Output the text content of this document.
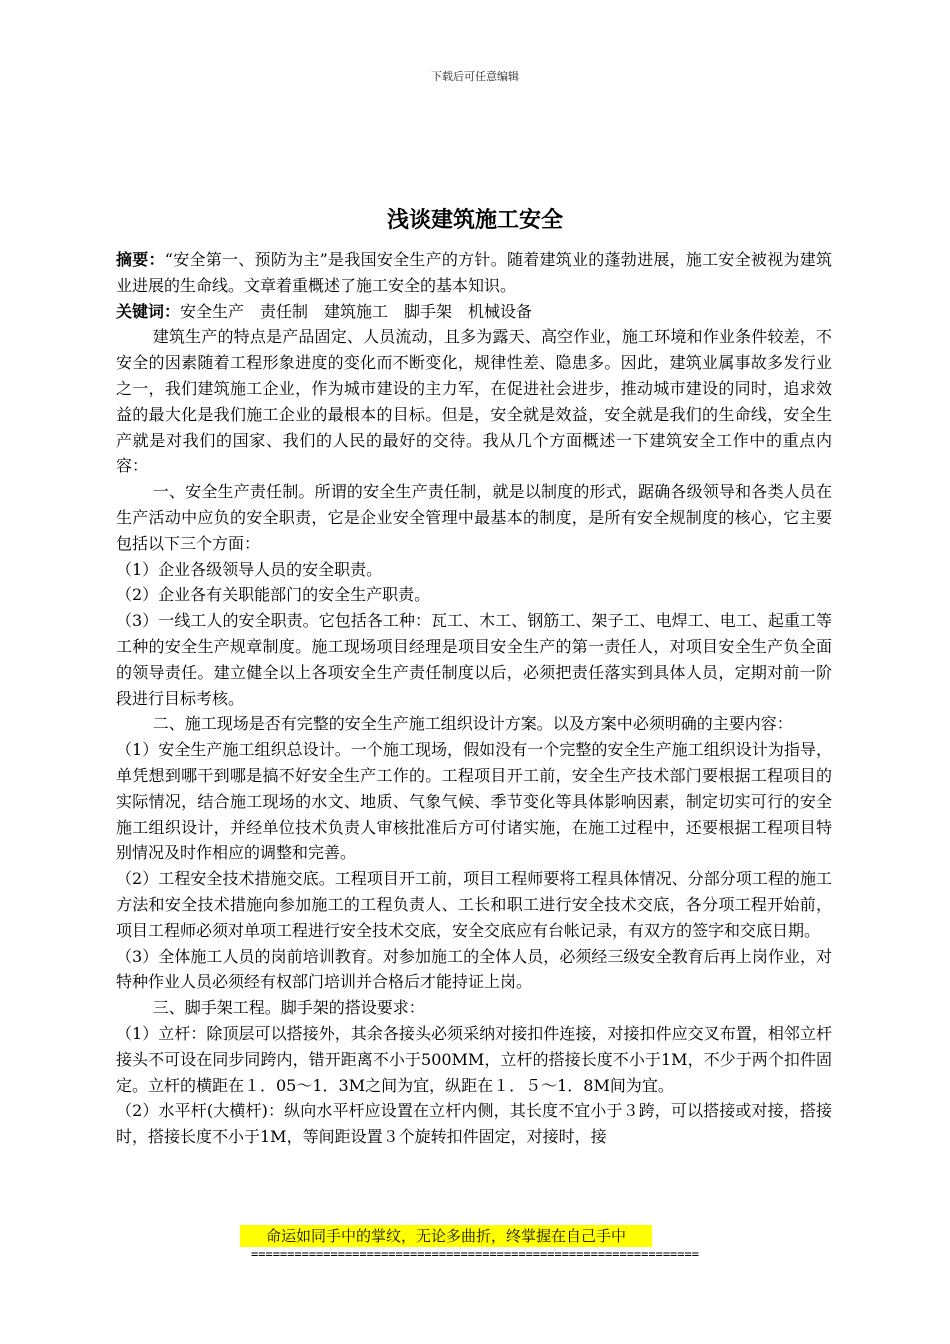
下载后可任意编辑
浅谈建筑施工安全

摘要：“安全第一、预防为主”是我国安全生产的方针。随着建筑业的蓬勃进展，施工安全被视为建筑业进展的生命线。文章着重概述了施工安全的基本知识。

关键词：安全生产　责任制　建筑施工　脚手架　机械设备

建筑生产的特点是产品固定、人员流动，且多为露天、高空作业，施工环境和作业条件较差，不安全的因素随着工程形象进度的变化而不断变化，规律性差、隐患多。因此，建筑业属事故多发行业之一，我们建筑施工企业，作为城市建设的主力军，在促进社会进步，推动城市建设的同时，追求效益的最大化是我们施工企业的最根本的目标。但是，安全就是效益，安全就是我们的生命线，安全生产就是对我们的国家、我们的人民的最好的交待。我从几个方面概述一下建筑安全工作中的重点内容：

一、安全生产责任制。所谓的安全生产责任制，就是以制度的形式，踞确各级领导和各类人员在生产活动中应负的安全职责，它是企业安全管理中最基本的制度，是所有安全规制度的核心，它主要包括以下三个方面：

（1）企业各级领导人员的安全职责。

（2）企业各有关职能部门的安全生产职责。

（3）一线工人的安全职责。它包括各工种：瓦工、木工、钢筋工、架子工、电焊工、电工、起重工等工种的安全生产规章制度。施工现场项目经理是项目安全生产的第一责任人，对项目安全生产负全面的领导责任。建立健全以上各项安全生产责任制度以后，必须把责任落实到具体人员，定期对前一阶段进行目标考核。

二、施工现场是否有完整的安全生产施工组织设计方案。以及方案中必须明确的主要内容：

（1）安全生产施工组织总设计。一个施工现场，假如没有一个完整的安全生产施工组织设计为指导，单凭想到哪干到哪是搞不好安全生产工作的。工程项目开工前，安全生产技术部门要根据工程项目的实际情况，结合施工现场的水文、地质、气象气候、季节变化等具体影响因素，制定切实可行的安全施工组织设计，并经单位技术负责人审核批准后方可付诸实施，在施工过程中，还要根据工程项目特别情况及时作相应的调整和完善。

（2）工程安全技术措施交底。工程项目开工前，项目工程师要将工程具体情况、分部分项工程的施工方法和安全技术措施向参加施工的工程负责人、工长和职工进行安全技术交底，各分项工程开始前，项目工程师必须对单项工程进行安全技术交底，安全交底应有台帐记录，有双方的签字和交底日期。

（3）全体施工人员的岗前培训教育。对参加施工的全体人员，必须经三级安全教育后再上岗作业，对特种作业人员必须经有权部门培训并合格后才能持证上岗。

三、脚手架工程。脚手架的搭设要求：

（1）立杆：除顶层可以搭接外，其余各接头必须采纳对接扣件连接，对接扣件应交叉布置，相邻立杆接头不可设在同步同跨内，错开距离不小于500MM，立杆的搭接长度不小于1M，不少于两个扣件固定。立杆的横距在１．05～1．3M之间为宜，纵距在１．５～1．8M间为宜。

（2）水平杆(大横杆)：纵向水平杆应设置在立杆内侧，其长度不宜小于３跨，可以搭接或对接，搭接时，搭接长度不小于1M，等间距设置３个旋转扣件固定，对接时，接

命运如同手中的掌纹，无论多曲折，终掌握在自己手中
==============================================================
